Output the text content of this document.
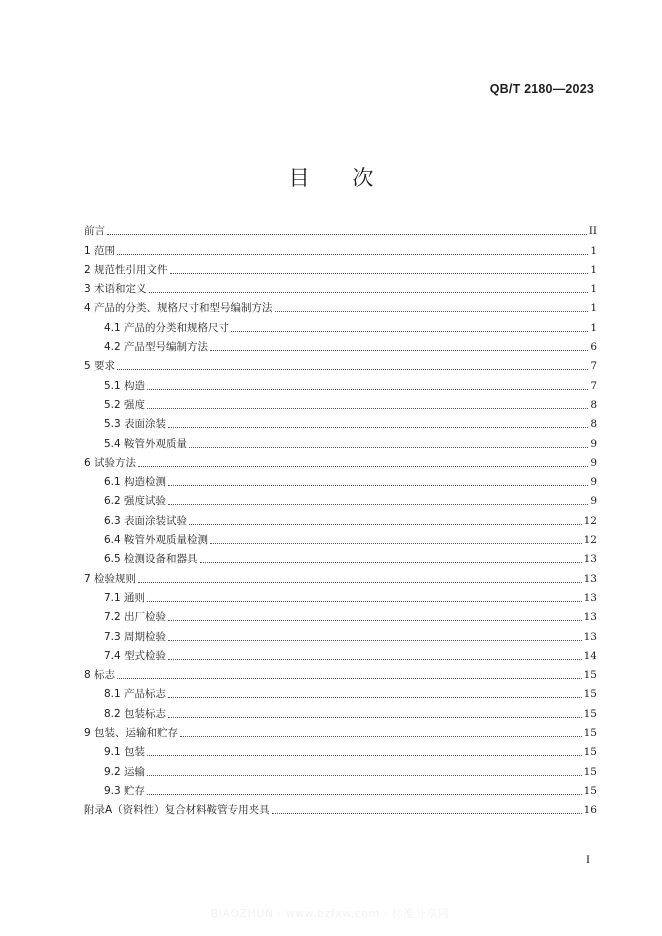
QB/T 2180—2023
目 次
前言	II
1 范围	1
2 规范性引用文件	1
3 术语和定义	1
4 产品的分类、规格尺寸和型号编制方法	1
4.1 产品的分类和规格尺寸	1
4.2 产品型号编制方法	6
5 要求	7
5.1 构造	7
5.2 强度	8
5.3 表面涂装	8
5.4 鞍管外观质量	9
6 试验方法	9
6.1 构造检测	9
6.2 强度试验	9
6.3 表面涂装试验	12
6.4 鞍管外观质量检测	12
6.5 检测设备和器具	13
7 检验规则	13
7.1 通则	13
7.2 出厂检验	13
7.3 周期检验	13
7.4 型式检验	14
8 标志	15
8.1 产品标志	15
8.2 包装标志	15
9 包装、运输和贮存	15
9.1 包装	15
9.2 运输	15
9.3 贮存	15
附录A（资料性）复合材料鞍管专用夹具	16
I
BIAOZHUN · www.bzfxw.com · 标准分享网
